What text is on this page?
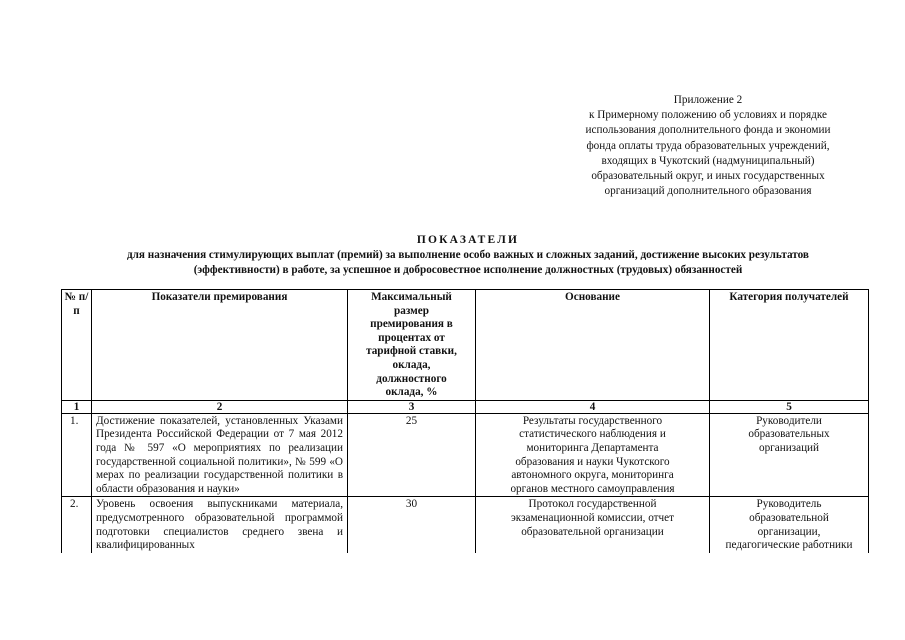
Приложение 2
к Примерному положению об условиях и порядке
использования дополнительного фонда и экономии
фонда оплаты труда образовательных учреждений,
входящих в Чукотский (надмуниципальный)
образовательный округ, и иных государственных
организаций дополнительного образования
ПОКАЗАТЕЛИ
для назначения стимулирующих выплат (премий) за выполнение особо важных и сложных заданий, достижение высоких результатов
(эффективности) в работе, за успешное и добросовестное исполнение должностных (трудовых) обязанностей
№ п/п	Показатели премирования	Максимальный размер премирования в процентах от тарифной ставки, оклада, должностного оклада, %	Основание	Категория получателей
1	2	3	4	5
1.	Достижение показателей, установленных Указами Президента Российской Федерации от 7 мая 2012 года № 597 «О мероприятиях по реализации государственной социальной политики», № 599 «О мерах по реализации государственной политики в области образования и науки»	25	Результаты государственного статистического наблюдения и мониторинга Департамента образования и науки Чукотского автономного округа, мониторинга органов местного самоуправления	Руководители образовательных организаций
2.	Уровень освоения выпускниками материала, предусмотренного образовательной программой подготовки специалистов среднего звена и квалифицированных	30	Протокол государственной экзаменационной комиссии, отчет образовательной организации	Руководитель образовательной организации, педагогические работники
